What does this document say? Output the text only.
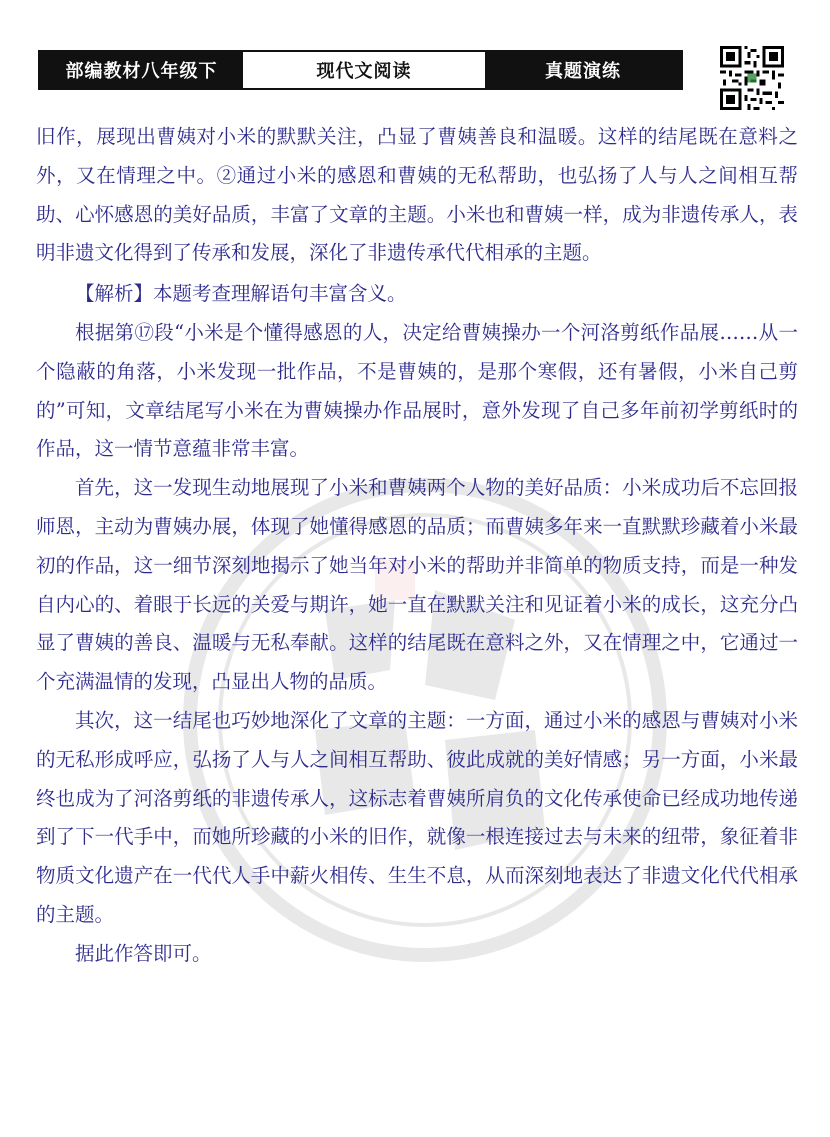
部编教材八年级下	现代文阅读	真题演练

旧作，展现出曹姨对小米的默默关注，凸显了曹姨善良和温暖。这样的结尾既在意料之外，又在情理之中。②通过小米的感恩和曹姨的无私帮助，也弘扬了人与人之间相互帮助、心怀感恩的美好品质，丰富了文章的主题。小米也和曹姨一样，成为非遗传承人，表明非遗文化得到了传承和发展，深化了非遗传承代代相承的主题。

【解析】本题考查理解语句丰富含义。

根据第⑰段“小米是个懂得感恩的人，决定给曹姨操办一个河洛剪纸作品展……从一个隐蔽的角落，小米发现一批作品，不是曹姨的，是那个寒假，还有暑假，小米自己剪的”可知，文章结尾写小米在为曹姨操办作品展时，意外发现了自己多年前初学剪纸时的作品，这一情节意蕴非常丰富。

首先，这一发现生动地展现了小米和曹姨两个人物的美好品质：小米成功后不忘回报师恩，主动为曹姨办展，体现了她懂得感恩的品质；而曹姨多年来一直默默珍藏着小米最初的作品，这一细节深刻地揭示了她当年对小米的帮助并非简单的物质支持，而是一种发自内心的、着眼于长远的关爱与期许，她一直在默默关注和见证着小米的成长，这充分凸显了曹姨的善良、温暖与无私奉献。这样的结尾既在意料之外，又在情理之中，它通过一个充满温情的发现，凸显出人物的品质。

其次，这一结尾也巧妙地深化了文章的主题：一方面，通过小米的感恩与曹姨对小米的无私形成呼应，弘扬了人与人之间相互帮助、彼此成就的美好情感；另一方面，小米最终也成为了河洛剪纸的非遗传承人，这标志着曹姨所肩负的文化传承使命已经成功地传递到了下一代手中，而她所珍藏的小米的旧作，就像一根连接过去与未来的纽带，象征着非物质文化遗产在一代代人手中薪火相传、生生不息，从而深刻地表达了非遗文化代代相承的主题。

据此作答即可。
